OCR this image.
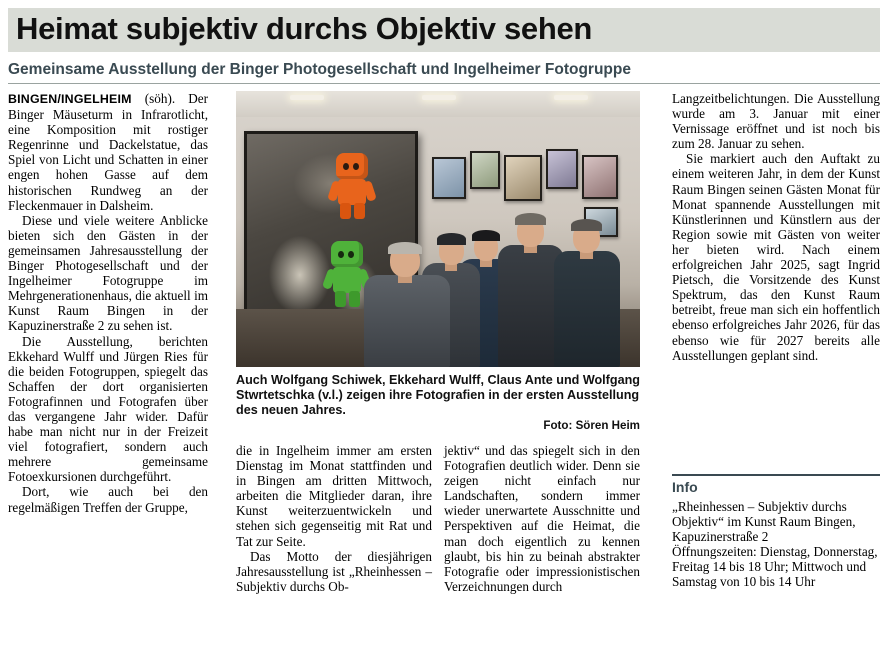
Heimat subjektiv durchs Objektiv sehen
Gemeinsame Ausstellung der Binger Photogesellschaft und Ingelheimer Fotogruppe

BINGEN/INGELHEIM (söh). Der Binger Mäuseturm in Infrarotlicht, eine Komposition mit rostiger Regenrinne und Dackelstatue, das Spiel von Licht und Schatten in einer engen hohen Gasse auf dem historischen Rundweg an der Fleckenmauer in Dalsheim.

Diese und viele weitere Anblicke bieten sich den Gästen in der gemeinsamen Jahresausstellung der Binger Photogesellschaft und der Ingelheimer Fotogruppe im Mehrgenerationenhaus, die aktuell im Kunst Raum Bingen in der Kapuzinerstraße 2 zu sehen ist.

Die Ausstellung, berichten Ekkehard Wulff und Jürgen Ries für die beiden Fotogruppen, spiegelt das Schaffen der dort organisierten Fotografinnen und Fotografen über das vergangene Jahr wider. Dafür habe man nicht nur in der Freizeit viel fotografiert, sondern auch mehrere gemeinsame Fotoexkursionen durchgeführt.

Dort, wie auch bei den regelmäßigen Treffen der Gruppe,

Auch Wolfgang Schiwek, Ekkehard Wulff, Claus Ante und Wolfgang Stwrtetschka (v.l.) zeigen ihre Fotografien in der ersten Ausstellung des neuen Jahres.
Foto: Sören Heim

die in Ingelheim immer am ersten Dienstag im Monat stattfinden und in Bingen am dritten Mittwoch, arbeiten die Mitglieder daran, ihre Kunst weiterzuentwickeln und stehen sich gegenseitig mit Rat und Tat zur Seite.

Das Motto der diesjährigen Jahresausstellung ist „Rheinhessen – Subjektiv durchs Ob-

jektiv“ und das spiegelt sich in den Fotografien deutlich wider. Denn sie zeigen nicht einfach nur Landschaften, sondern immer wieder unerwartete Ausschnitte und Perspektiven auf die Heimat, die man doch eigentlich zu kennen glaubt, bis hin zu beinah abstrakter Fotografie oder impressionistischen Verzeichnungen durch

Langzeitbelichtungen. Die Ausstellung wurde am 3. Januar mit einer Vernissage eröffnet und ist noch bis zum 28. Januar zu sehen.

Sie markiert auch den Auftakt zu einem weiteren Jahr, in dem der Kunst Raum Bingen seinen Gästen Monat für Monat spannende Ausstellungen mit Künstlerinnen und Künstlern aus der Region sowie mit Gästen von weiter her bieten wird. Nach einem erfolgreichen Jahr 2025, sagt Ingrid Pietsch, die Vorsitzende des Kunst Spektrum, das den Kunst Raum betreibt, freue man sich ein hoffentlich ebenso erfolgreiches Jahr 2026, für das ebenso wie für 2027 bereits alle Ausstellungen geplant sind.

Info

„Rheinhessen – Subjektiv durchs Objektiv“ im Kunst Raum Bingen, Kapuzinerstraße 2

Öffnungszeiten: Dienstag, Donnerstag, Freitag 14 bis 18 Uhr; Mittwoch und Samstag von 10 bis 14 Uhr
